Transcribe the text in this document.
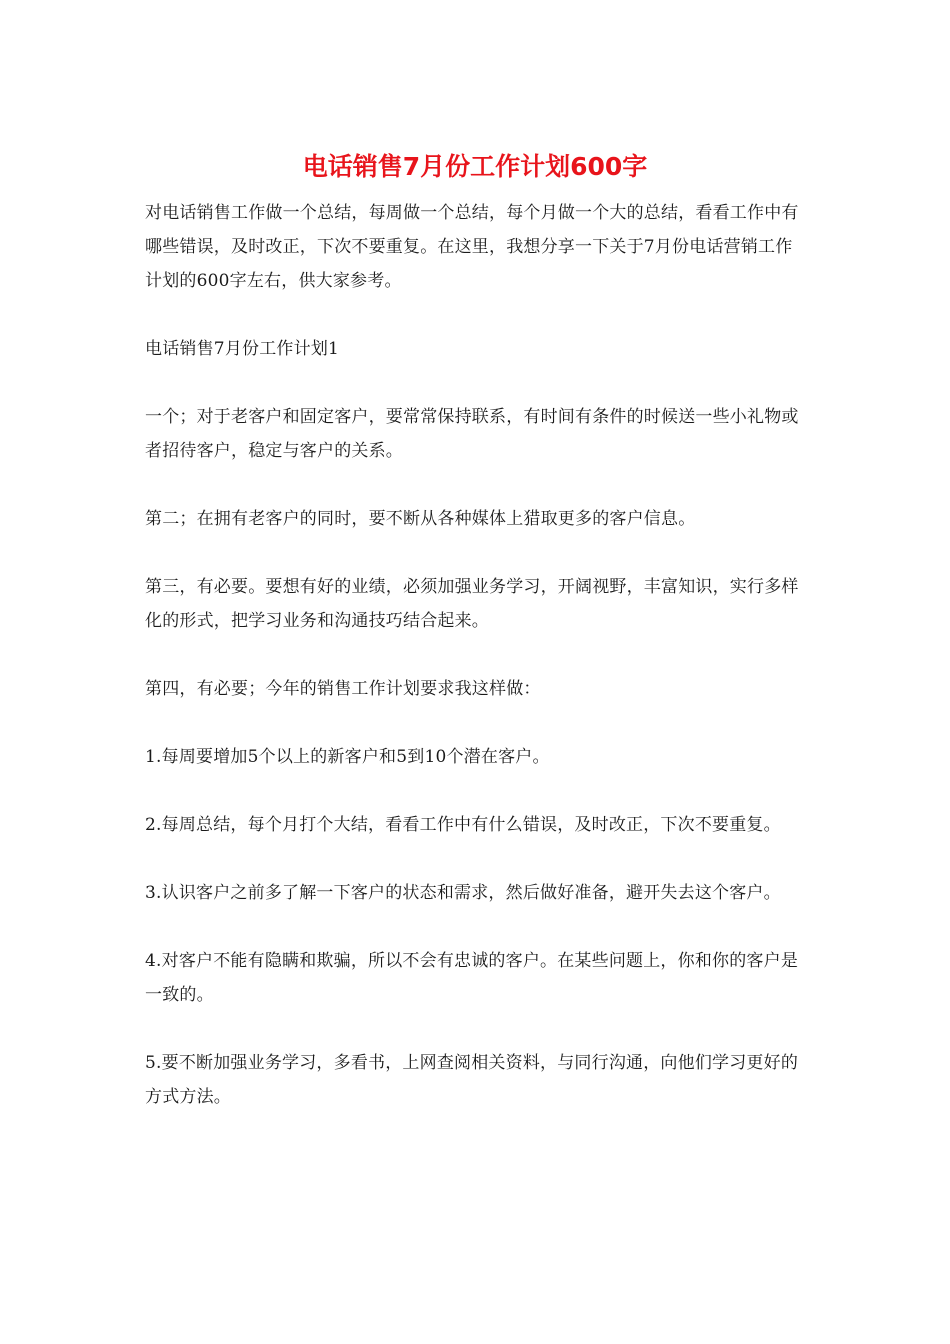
电话销售7月份工作计划600字

对电话销售工作做一个总结，每周做一个总结，每个月做一个大的总结，看看工作中有哪些错误，及时改正，下次不要重复。在这里，我想分享一下关于7月份电话营销工作计划的600字左右，供大家参考。

电话销售7月份工作计划1

一个；对于老客户和固定客户，要常常保持联系，有时间有条件的时候送一些小礼物或者招待客户，稳定与客户的关系。

第二；在拥有老客户的同时，要不断从各种媒体上猎取更多的客户信息。

第三，有必要。要想有好的业绩，必须加强业务学习，开阔视野，丰富知识，实行多样化的形式，把学习业务和沟通技巧结合起来。

第四，有必要；今年的销售工作计划要求我这样做：

1.每周要增加5个以上的新客户和5到10个潜在客户。

2.每周总结，每个月打个大结，看看工作中有什么错误，及时改正，下次不要重复。

3.认识客户之前多了解一下客户的状态和需求，然后做好准备，避开失去这个客户。

4.对客户不能有隐瞒和欺骗，所以不会有忠诚的客户。在某些问题上，你和你的客户是一致的。

5.要不断加强业务学习，多看书，上网查阅相关资料，与同行沟通，向他们学习更好的方式方法。
